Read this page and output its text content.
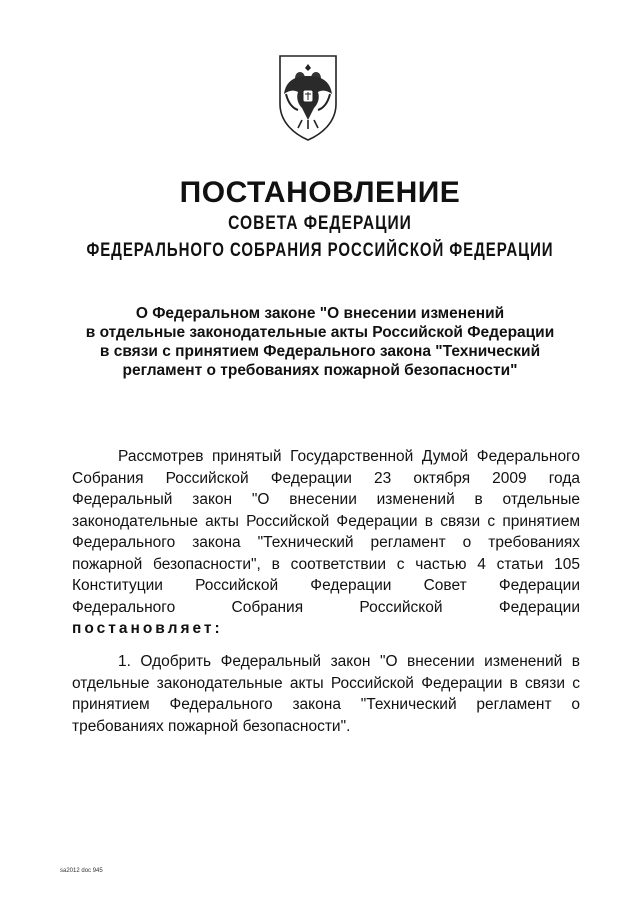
ПОСТАНОВЛЕНИЕ
СОВЕТА ФЕДЕРАЦИИ
ФЕДЕРАЛЬНОГО СОБРАНИЯ РОССИЙСКОЙ ФЕДЕРАЦИИ
О Федеральном законе "О внесении изменений
в отдельные законодательные акты Российской Федерации
в связи с принятием Федерального закона "Технический
регламент о требованиях пожарной безопасности"
Рассмотрев принятый Государственной Думой Федерального
Собрания Российской Федерации 23 октября 2009 года
Федеральный закон "О внесении изменений в отдельные
законодательные акты Российской Федерации в связи с принятием
Федерального закона "Технический регламент о требованиях
пожарной безопасности", в соответствии с частью 4 статьи 105
Конституции Российской Федерации Совет Федерации
Федерального Собрания Российской Федерации
постановляет:
1. Одобрить Федеральный закон "О внесении изменений в
отдельные законодательные акты Российской Федерации в связи с
принятием Федерального закона "Технический регламент о
требованиях пожарной безопасности".
sa2012 doc 945
